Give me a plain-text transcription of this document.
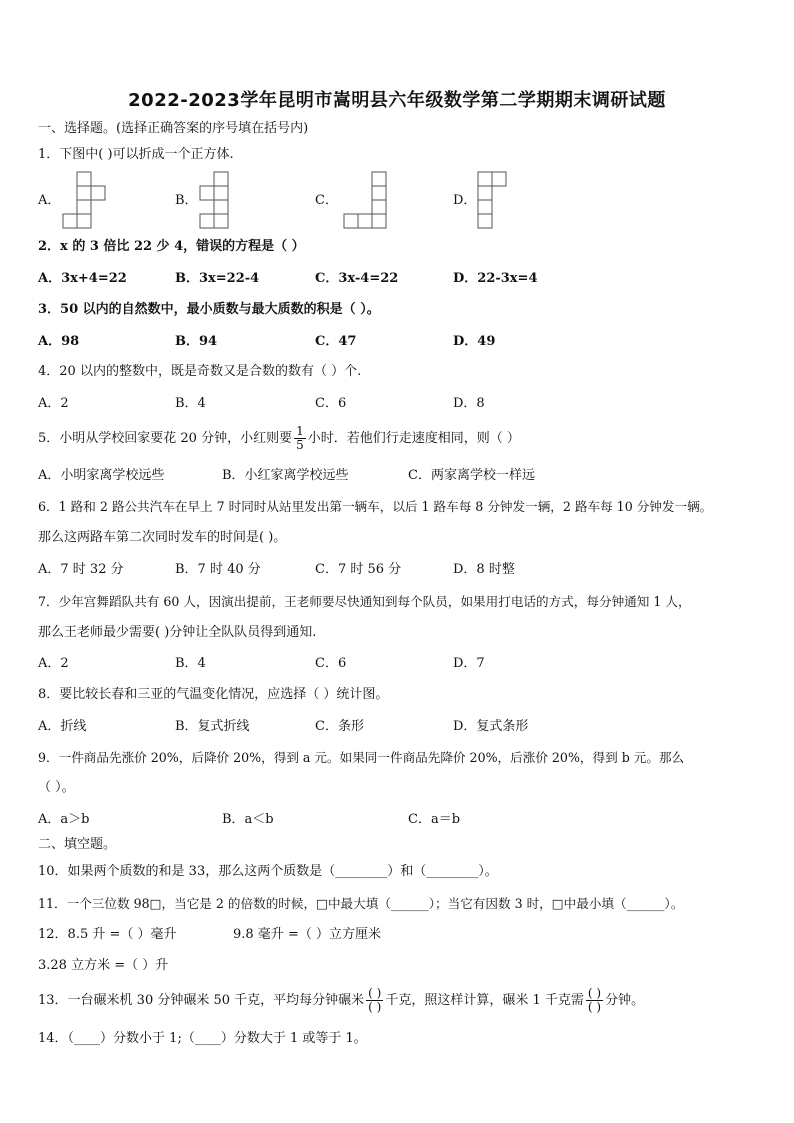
2022-2023学年昆明市嵩明县六年级数学第二学期期末调研试题
一、选择题。(选择正确答案的序号填在括号内)
1．下图中( )可以折成一个正方体.
A．	B．	C．	D．
2．x 的 3 倍比 22 少 4，错误的方程是（ ）
A．3x+4=22	B．3x=22-4	C．3x-4=22	D．22-3x=4
3．50 以内的自然数中，最小质数与最大质数的积是（ ）。
A．98	B．94	C．47	D．49
4．20 以内的整数中，既是奇数又是合数的数有（ ）个.
A．2	B．4	C．6	D．8
5．小明从学校回家要花 20 分钟，小红则要 $\frac{1}{5}$ 小时．若他们行走速度相同，则（ ）
A．小明家离学校远些	B．小红家离学校远些	C．两家离学校一样远
6．1 路和 2 路公共汽车在早上 7 时同时从站里发出第一辆车，以后 1 路车每 8 分钟发一辆，2 路车每 10 分钟发一辆。
那么这两路车第二次同时发车的时间是( )。
A．7 时 32 分	B．7 时 40 分	C．7 时 56 分	D．8 时整
7．少年宫舞蹈队共有 60 人，因演出提前，王老师要尽快通知到每个队员，如果用打电话的方式，每分钟通知 1 人，
那么王老师最少需要( )分钟让全队队员得到通知.
A．2	B．4	C．6	D．7
8．要比较长春和三亚的气温变化情况，应选择（ ）统计图。
A．折线	B．复式折线	C．条形	D．复式条形
9．一件商品先涨价 20%，后降价 20%，得到 a 元。如果同一件商品先降价 20%，后涨价 20%，得到 b 元。那么
（ ）。
A．a＞b	B．a＜b	C．a＝b
二、填空题。
10．如果两个质数的和是 33，那么这两个质数是（________）和（________）。
11．一个三位数 98□，当它是 2 的倍数的时候，□中最大填（______）；当它有因数 3 时，□中最小填（______）。
12．8.5 升 =（ ）毫升	9.8 毫升 =（ ）立方厘米
3.28 立方米 =（ ）升
13．一台碾米机 30 分钟碾米 50 千克，平均每分钟碾米 $\frac{( )}{( )}$ 千克，照这样计算，碾米 1 千克需 $\frac{( )}{( )}$ 分钟。
14．（____）分数小于 1;（____）分数大于 1 或等于 1。
